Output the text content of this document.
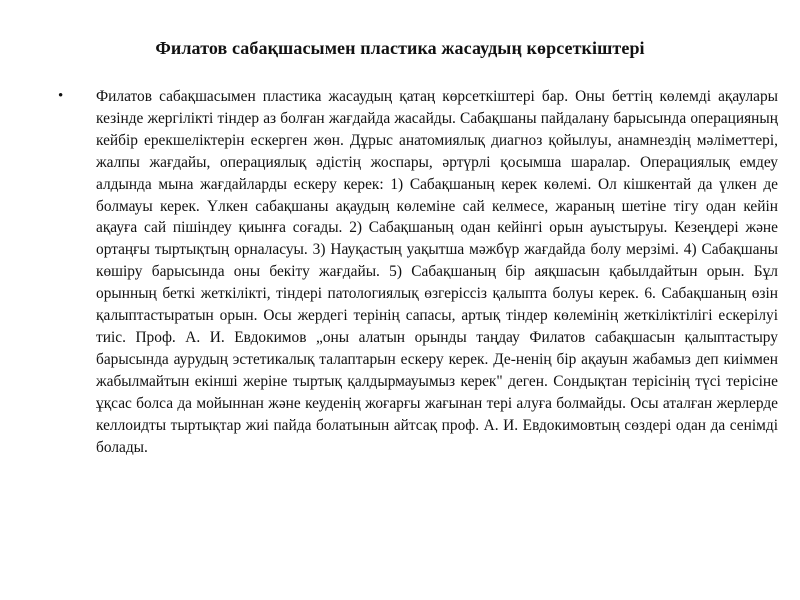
Филатов сабақшасымен пластика жасаудың көрсеткіштері
• Филатов сабақшасымен пластика жасаудың қатаң көрсеткіштері бар. Оны беттің көлемді ақаулары кезінде жергілікті тіндер аз болған жағдайда жасайды. Сабақшаны пайдалану барысында операцияның кейбір ерекшеліктерін ескерген жөн. Дұрыс анатомиялық диагноз қойылуы, анамнездің мәліметтері, жалпы жағдайы, операциялық әдістің жоспары, әртүрлі қосымша шаралар. Операциялық емдеу алдында мына жағдайларды ескеру керек: 1) Сабақшаның керек көлемі. Ол кішкентай да үлкен де болмауы керек. Үлкен сабақшаны ақаудың көлеміне сай келмесе, жараның шетіне тігу одан кейін ақауға сай пішіндеу қиынға соғады. 2) Сабақшаның одан кейінгі орын ауыстыруы. Кезеңдері және ортаңғы тыртықтың орналасуы. 3) Науқастың уақытша мәжбүр жағдайда болу мерзімі. 4) Сабақшаны көшіру барысында оны бекіту жағдайы. 5) Сабақшаның бір аяқшасын қабылдайтын орын. Бұл орынның беткі жеткілікті, тіндері патологиялық өзгеріссіз қалыпта болуы керек. 6. Сабақшаның өзін қалыптастыратын орын. Осы жердегі терінің сапасы, артық тіндер көлемінің жеткіліктілігі ескерілуі тиіс. Проф. А. И. Евдокимов „оны алатын орынды таңдау Филатов сабақшасын қалыптастыру барысында аурудың эстетикалық талаптарын ескеру керек. Де-ненің бір ақауын жабамыз деп киіммен жабылмайтын екінші жеріне тыртық қалдырмауымыз керек" деген. Сондықтан терісінің түсі терісіне ұқсас болса да мойыннан және кеуденің жоғарғы жағынан тері алуға болмайды. Осы аталған жерлерде келлоидты тыртықтар жиі пайда болатынын айтсақ проф. А. И. Евдокимовтың сөздері одан да сенімді болады.
